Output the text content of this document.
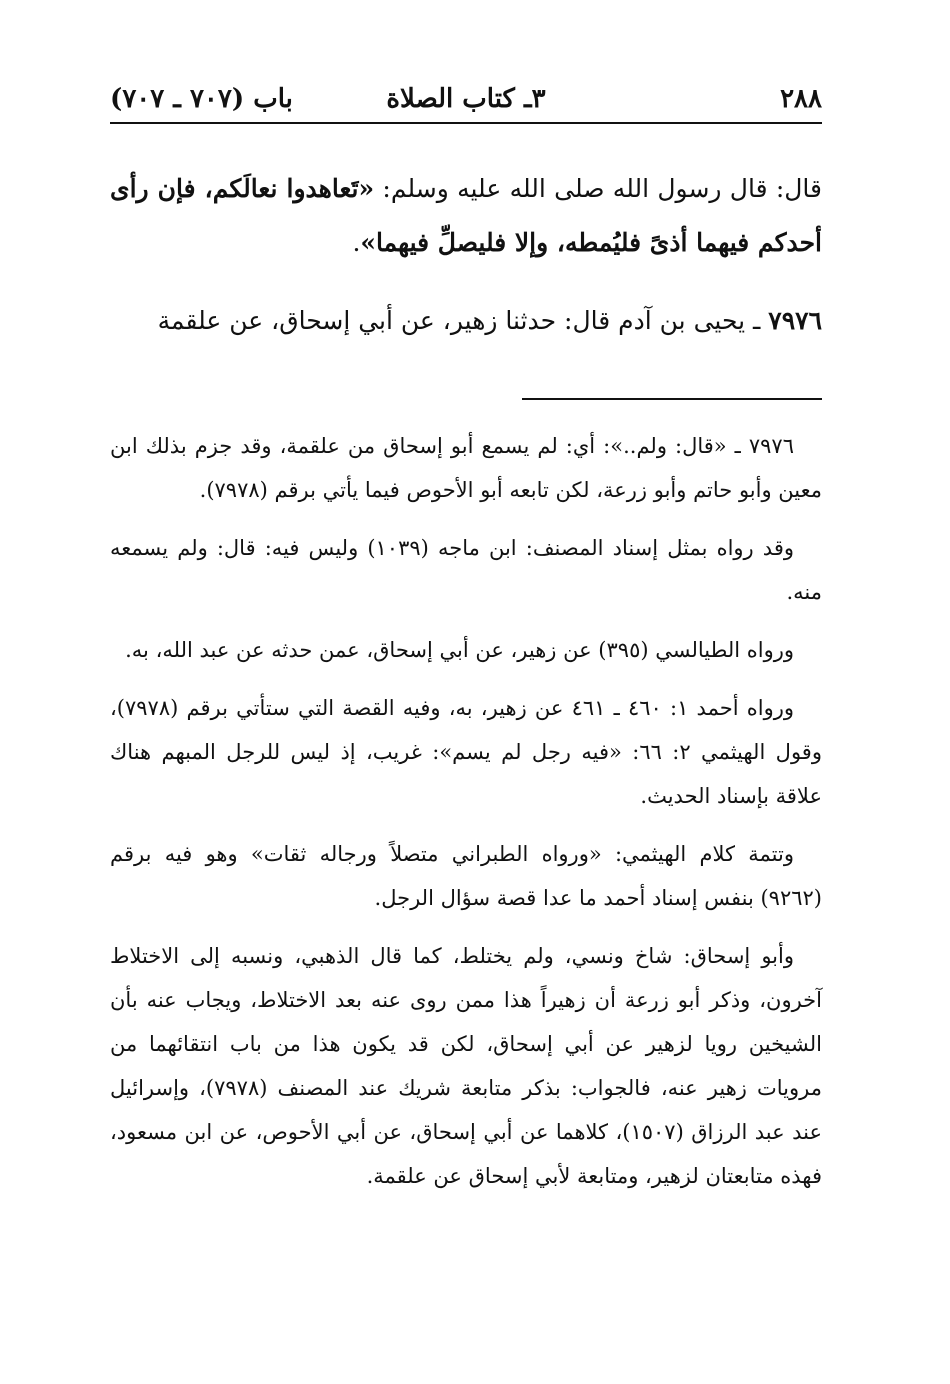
٢٨٨
٣ـ كتاب الصلاة
باب (٧٠٧ ـ ٧٠٧)

قال: قال رسول الله صلى الله عليه وسلم: «تَعاهدوا نعالَكم، فإن رأى أحدكم فيهما أذىً فليُمطه، وإلا فليصلِّ فيهما».

٧٩٧٦ ـ يحيى بن آدم قال: حدثنا زهير، عن أبي إسحاق، عن علقمة

٧٩٧٦ ـ «قال: ولم..»: أي: لم يسمع أبو إسحاق من علقمة، وقد جزم بذلك ابن معين وأبو حاتم وأبو زرعة، لكن تابعه أبو الأحوص فيما يأتي برقم (٧٩٧٨).

وقد رواه بمثل إسناد المصنف: ابن ماجه (١٠٣٩) وليس فيه: قال: ولم يسمعه منه.

ورواه الطيالسي (٣٩٥) عن زهير، عن أبي إسحاق، عمن حدثه عن عبد الله، به.

ورواه أحمد ١: ٤٦٠ ـ ٤٦١ عن زهير، به، وفيه القصة التي ستأتي برقم (٧٩٧٨)، وقول الهيثمي ٢: ٦٦: «فيه رجل لم يسم»: غريب، إذ ليس للرجل المبهم هناك علاقة بإسناد الحديث.

وتتمة كلام الهيثمي: «ورواه الطبراني متصلاً ورجاله ثقات» وهو فيه برقم (٩٢٦٢) بنفس إسناد أحمد ما عدا قصة سؤال الرجل.

وأبو إسحاق: شاخ ونسي، ولم يختلط، كما قال الذهبي، ونسبه إلى الاختلاط آخرون، وذكر أبو زرعة أن زهيراً هذا ممن روى عنه بعد الاختلاط، ويجاب عنه بأن الشيخين رويا لزهير عن أبي إسحاق، لكن قد يكون هذا من باب انتقائهما من مرويات زهير عنه، فالجواب: بذكر متابعة شريك عند المصنف (٧٩٧٨)، وإسرائيل عند عبد الرزاق (١٥٠٧)، كلاهما عن أبي إسحاق، عن أبي الأحوص، عن ابن مسعود، فهذه متابعتان لزهير، ومتابعة لأبي إسحاق عن علقمة.
